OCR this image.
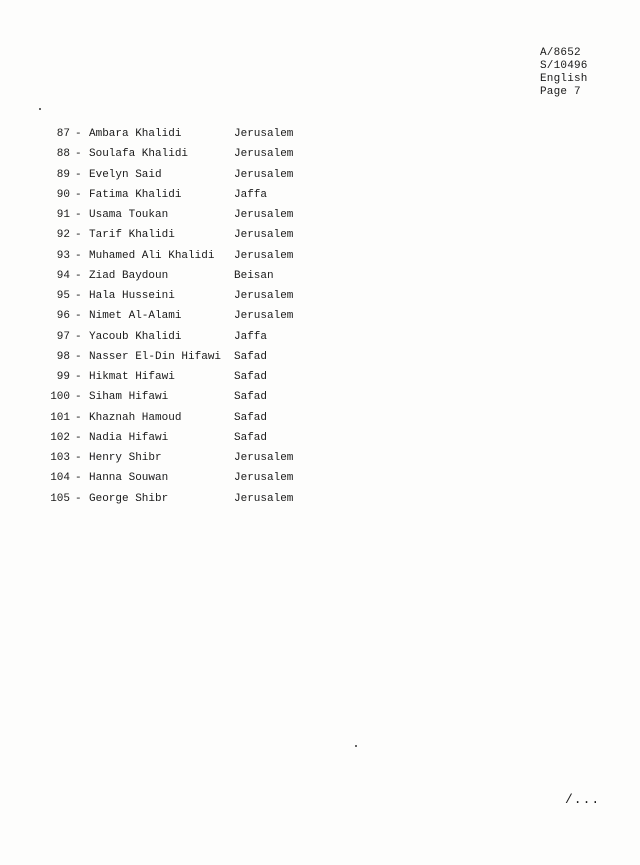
A/8652
S/10496
English
Page 7
87 - Ambara Khalidi	Jerusalem
88 - Soulafa Khalidi	Jerusalem
89 - Evelyn Said	Jerusalem
90 - Fatima Khalidi	Jaffa
91 - Usama Toukan	Jerusalem
92 - Tarif Khalidi	Jerusalem
93 - Muhamed Ali Khalidi Jerusalem
94 - Ziad Baydoun	Beisan
95 - Hala Husseini	Jerusalem
96 - Nimet Al-Alami	Jerusalem
97 - Yacoub Khalidi	Jaffa
98 - Nasser El-Din Hifawi Safad
99 - Hikmat Hifawi	Safad
100 - Siham Hifawi	Safad
101 - Khaznah Hamoud	Safad
102 - Nadia Hifawi	Safad
103 - Henry Shibr	Jerusalem
104 - Hanna Souwan	Jerusalem
105 - George Shibr	Jerusalem
/...
